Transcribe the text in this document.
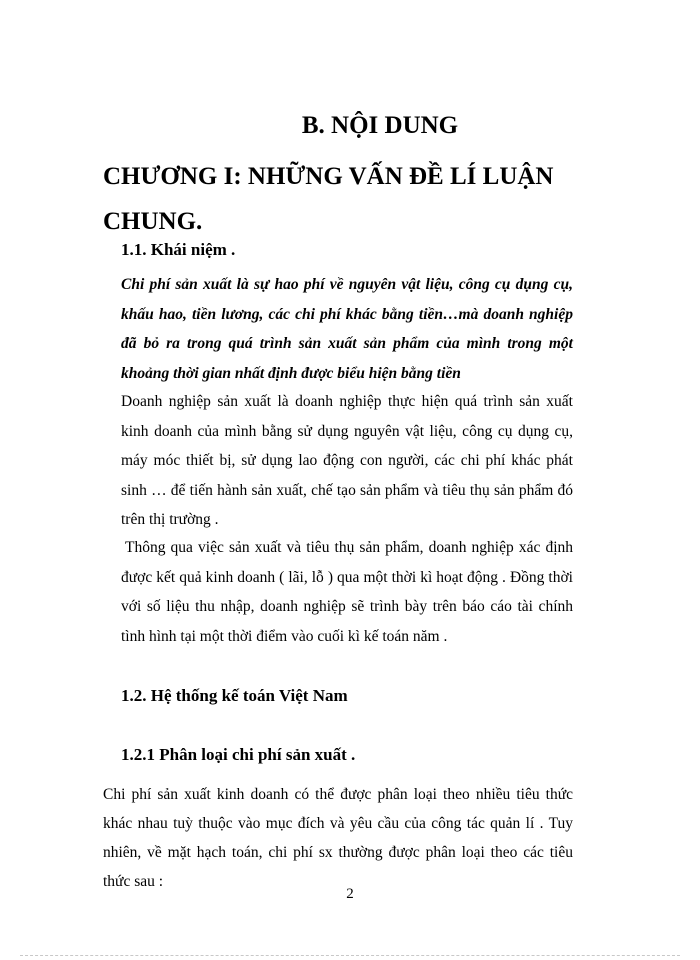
B. NỘI DUNG
CHƯƠNG I: NHỮNG VẤN ĐỀ LÍ LUẬN CHUNG.
1.1. Khái niệm .
Chi phí sản xuất là sự hao phí về nguyên vật liệu, công cụ dụng cụ, khấu hao, tiền lương, các chi phí khác bằng tiền…mà doanh nghiệp đã bỏ ra trong quá trình sản xuất sản phẩm của mình trong một khoảng thời gian nhất định được biểu hiện bằng tiền
Doanh nghiệp sản xuất là doanh nghiệp thực hiện quá trình sản xuất kinh doanh của mình bằng sử dụng nguyên vật liệu, công cụ dụng cụ, máy móc thiết bị, sử dụng lao động con người, các chi phí khác phát sinh … để tiến hành sản xuất, chế tạo sản phẩm và tiêu thụ sản phẩm đó trên thị trường .
Thông qua việc sản xuất và tiêu thụ sản phẩm, doanh nghiệp xác định được kết quả kinh doanh ( lãi, lỗ ) qua một thời kì hoạt động . Đồng thời với số liệu thu nhập, doanh nghiệp sẽ trình bày trên báo cáo tài chính tình hình tại một thời điểm vào cuối kì kế toán năm .
1.2. Hệ thống kế toán Việt Nam
1.2.1 Phân loại chi phí sản xuất .
Chi phí sản xuất kinh doanh có thể được phân loại theo nhiều tiêu thức khác nhau tuỳ thuộc vào mục đích và yêu cầu của công tác quản lí . Tuy nhiên, về mặt hạch toán, chi phí sx thường được phân loại theo các tiêu thức sau :
2
